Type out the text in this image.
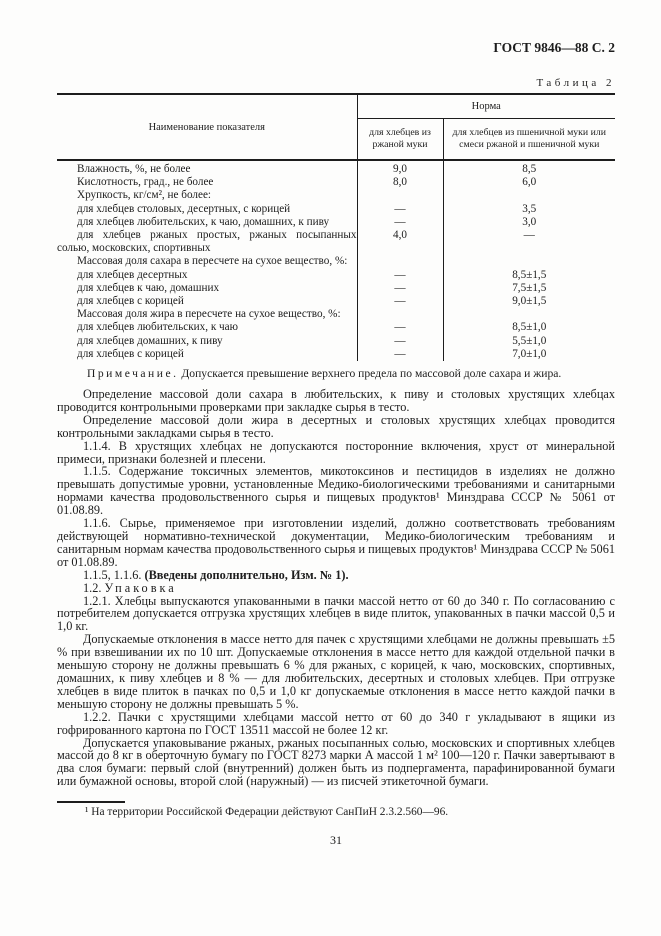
ГОСТ 9846—88 С. 2
Таблица 2
Наименование показателя	Норма	
	для хлебцев из ржаной муки	для хлебцев из пшеничной муки или смеси ржаной и пшеничной муки
Влажность, %, не более	9,0	8,5
Кислотность, град., не более	8,0	6,0
Хрупкость, кг/см², не более:		
для хлебцев столовых, десертных, с корицей	—	3,5
для хлебцев любительских, к чаю, домашних, к пиву	—	3,0
для хлебцев ржаных простых, ржаных посыпанных солью, московских, спортивных	4,0	—
Массовая доля сахара в пересчете на сухое вещество, %:		
для хлебцев десертных	—	8,5±1,5
для хлебцев к чаю, домашних	—	7,5±1,5
для хлебцев с корицей	—	9,0±1,5
Массовая доля жира в пересчете на сухое вещество, %:		
для хлебцев любительских, к чаю	—	8,5±1,0
для хлебцев домашних, к пиву	—	5,5±1,0
для хлебцев с корицей	—	7,0±1,0
Примечание. Допускается превышение верхнего предела по массовой доле сахара и жира.
Определение массовой доли сахара в любительских, к пиву и столовых хрустящих хлебцах проводится контрольными проверками при закладке сырья в тесто.
Определение массовой доли жира в десертных и столовых хрустящих хлебцах проводится контрольными закладками сырья в тесто.
1.1.4. В хрустящих хлебцах не допускаются посторонние включения, хруст от минеральной примеси, признаки болезней и плесени.
1.1.5. Содержание токсичных элементов, микотоксинов и пестицидов в изделиях не должно превышать допустимые уровни, установленные Медико-биологическими требованиями и санитарными нормами качества продовольственного сырья и пищевых продуктов¹ Минздрава СССР № 5061 от 01.08.89.
1.1.6. Сырье, применяемое при изготовлении изделий, должно соответствовать требованиям действующей нормативно-технической документации, Медико-биологическим требованиям и санитарным нормам качества продовольственного сырья и пищевых продуктов¹ Минздрава СССР № 5061 от 01.08.89.
1.1.5, 1.1.6. (Введены дополнительно, Изм. № 1).
1.2. Упаковка
1.2.1. Хлебцы выпускаются упакованными в пачки массой нетто от 60 до 340 г. По согласованию с потребителем допускается отгрузка хрустящих хлебцев в виде плиток, упакованных в пачки массой 0,5 и 1,0 кг.
Допускаемые отклонения в массе нетто для пачек с хрустящими хлебцами не должны превышать ±5 % при взвешивании их по 10 шт. Допускаемые отклонения в массе нетто для каждой отдельной пачки в меньшую сторону не должны превышать 6 % для ржаных, с корицей, к чаю, московских, спортивных, домашних, к пиву хлебцев и 8 % — для любительских, десертных и столовых хлебцев. При отгрузке хлебцев в виде плиток в пачках по 0,5 и 1,0 кг допускаемые отклонения в массе нетто каждой пачки в меньшую сторону не должны превышать 5 %.
1.2.2. Пачки с хрустящими хлебцами массой нетто от 60 до 340 г укладывают в ящики из гофрированного картона по ГОСТ 13511 массой не более 12 кг.
Допускается упаковывание ржаных, ржаных посыпанных солью, московских и спортивных хлебцев массой до 8 кг в оберточную бумагу по ГОСТ 8273 марки А массой 1 м² 100—120 г. Пачки завертывают в два слоя бумаги: первый слой (внутренний) должен быть из подпергамента, парафинированной бумаги или бумажной основы, второй слой (наружный) — из писчей этикеточной бумаги.
¹ На территории Российской Федерации действуют СанПиН 2.3.2.560—96.
31
